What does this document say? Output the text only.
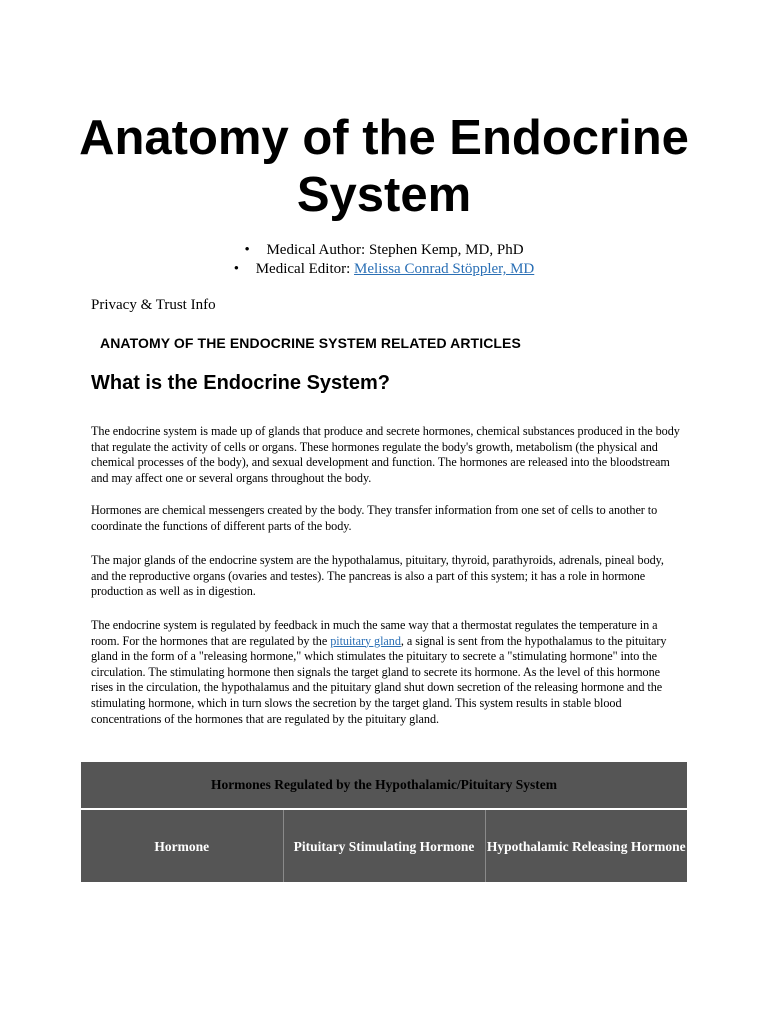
Anatomy of the Endocrine System
• Medical Author: Stephen Kemp, MD, PhD
• Medical Editor: Melissa Conrad Stöppler, MD

Privacy & Trust Info

ANATOMY OF THE ENDOCRINE SYSTEM RELATED ARTICLES

What is the Endocrine System?

The endocrine system is made up of glands that produce and secrete hormones, chemical substances produced in the body that regulate the activity of cells or organs. These hormones regulate the body's growth, metabolism (the physical and chemical processes of the body), and sexual development and function. The hormones are released into the bloodstream and may affect one or several organs throughout the body.

Hormones are chemical messengers created by the body. They transfer information from one set of cells to another to coordinate the functions of different parts of the body.

The major glands of the endocrine system are the hypothalamus, pituitary, thyroid, parathyroids, adrenals, pineal body, and the reproductive organs (ovaries and testes). The pancreas is also a part of this system; it has a role in hormone production as well as in digestion.

The endocrine system is regulated by feedback in much the same way that a thermostat regulates the temperature in a room. For the hormones that are regulated by the pituitary gland, a signal is sent from the hypothalamus to the pituitary gland in the form of a "releasing hormone," which stimulates the pituitary to secrete a "stimulating hormone" into the circulation. The stimulating hormone then signals the target gland to secrete its hormone. As the level of this hormone rises in the circulation, the hypothalamus and the pituitary gland shut down secretion of the releasing hormone and the stimulating hormone, which in turn slows the secretion by the target gland. This system results in stable blood concentrations of the hormones that are regulated by the pituitary gland.

Hormones Regulated by the Hypothalamic/Pituitary System
Hormone	Pituitary Stimulating Hormone	Hypothalamic Releasing Hormone
